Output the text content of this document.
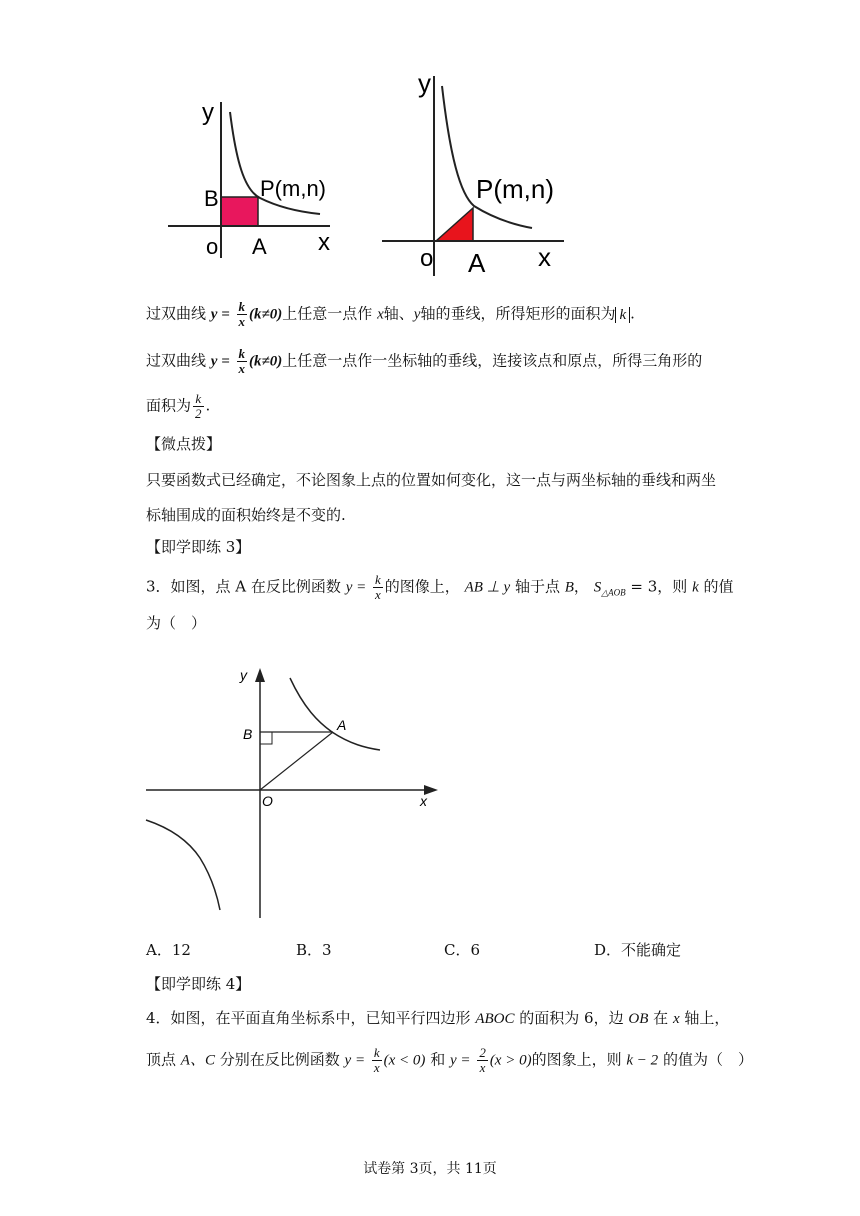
y
x
o
B
A
P(m,n)
y
x
o A
P(m,n)
过双曲线 $y = \frac{k}{x} (k\ne 0)$上任意一点作 x轴、y轴的垂线，所得矩形的面积为 k .
过双曲线 $y = \frac{k}{x} (k\ne 0)$上任意一点作一坐标轴的垂线，连接该点和原点，所得三角形的
面积为 $\frac{k}{2}$ .
【微点拨】
只要函数式已经确定，不论图象上点的位置如何变化，这一点与两坐标轴的垂线和两坐
标轴围成的面积始终是不变的.
【即学即练 3】
3．如图，点 A 在反比例函数 $y = \frac{k}{x}$ 的图像上， AB ⊥ y 轴于点 B， $S_{\triangle AOB} = 3$，则 k 的值
为（　）
y
x
O
B
A
A．12	B．3	C．6	D．不能确定
【即学即练 4】
4．如图，在平面直角坐标系中，已知平行四边形 ABOC 的面积为 6，边 OB 在 x 轴上，
顶点 A、C 分别在反比例函数 $y = \frac{k}{x} (x < 0)$ 和 $y = \frac{2}{x} (x > 0)$的图象上，则 k − 2 的值为（　）
试卷第 3页，共 11页
